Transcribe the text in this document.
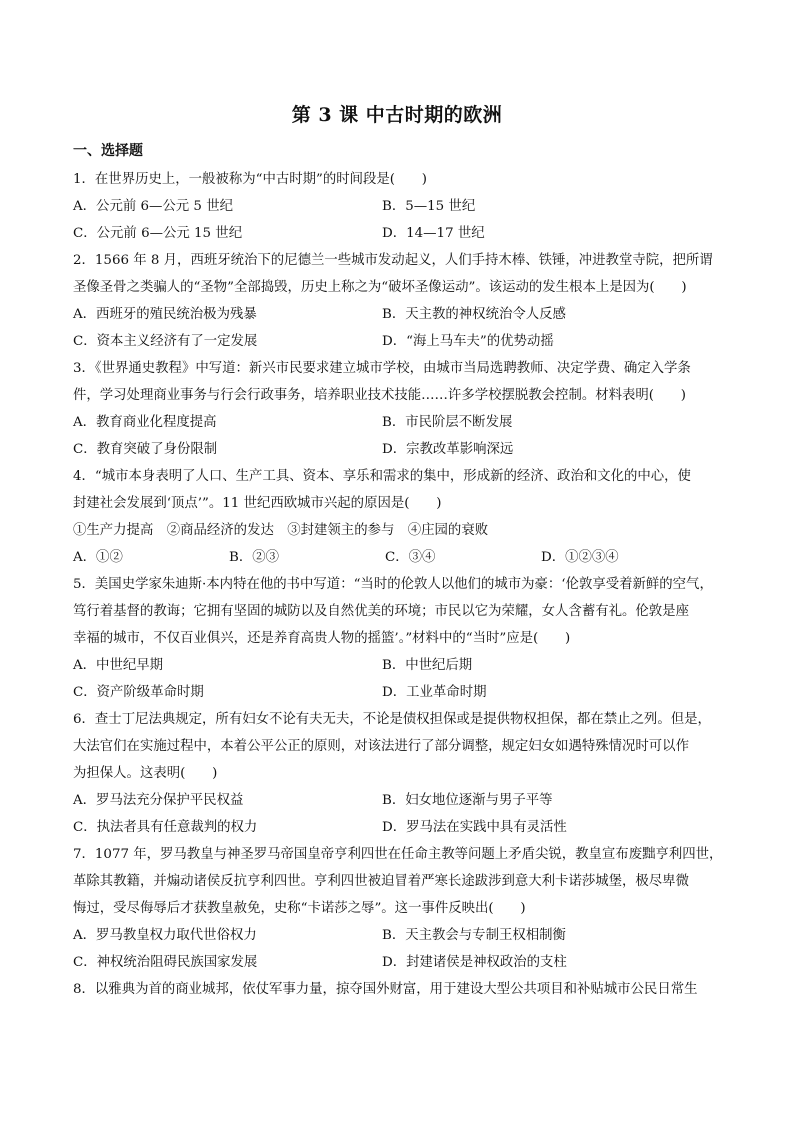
第 3 课 中古时期的欧洲
一、选择题
1．在世界历史上，一般被称为“中古时期”的时间段是(　　)
A．公元前 6—公元 5 世纪	B．5—15 世纪
C．公元前 6—公元 15 世纪	D．14—17 世纪
2．1566 年 8 月，西班牙统治下的尼德兰一些城市发动起义，人们手持木棒、铁锤，冲进教堂寺院，把所谓
圣像圣骨之类骗人的“圣物”全部捣毁，历史上称之为“破坏圣像运动”。该运动的发生根本上是因为(　　)
A．西班牙的殖民统治极为残暴	B．天主教的神权统治令人反感
C．资本主义经济有了一定发展	D．“海上马车夫”的优势动摇
3．《世界通史教程》中写道：新兴市民要求建立城市学校，由城市当局选聘教师、决定学费、确定入学条
件，学习处理商业事务与行会行政事务，培养职业技术技能……许多学校摆脱教会控制。材料表明(　　)
A．教育商业化程度提高	B．市民阶层不断发展
C．教育突破了身份限制	D．宗教改革影响深远
4．“城市本身表明了人口、生产工具、资本、享乐和需求的集中，形成新的经济、政治和文化的中心，使
封建社会发展到‘顶点’”。11 世纪西欧城市兴起的原因是(　　)
①生产力提高　②商品经济的发达　③封建领主的参与　④庄园的衰败
A．①②	B．②③	C．③④	D．①②③④
5．美国史学家朱迪斯·本内特在他的书中写道：“当时的伦敦人以他们的城市为豪：‘伦敦享受着新鲜的空气，
笃行着基督的教诲；它拥有坚固的城防以及自然优美的环境；市民以它为荣耀，女人含蓄有礼。伦敦是座
幸福的城市，不仅百业俱兴，还是养育高贵人物的摇篮’。”材料中的“当时”应是(　　)
A．中世纪早期	B．中世纪后期
C．资产阶级革命时期	D．工业革命时期
6．查士丁尼法典规定，所有妇女不论有夫无夫，不论是债权担保或是提供物权担保，都在禁止之列。但是，
大法官们在实施过程中，本着公平公正的原则，对该法进行了部分调整，规定妇女如遇特殊情况时可以作
为担保人。这表明(　　)
A．罗马法充分保护平民权益	B．妇女地位逐渐与男子平等
C．执法者具有任意裁判的权力	D．罗马法在实践中具有灵活性
7．1077 年，罗马教皇与神圣罗马帝国皇帝亨利四世在任命主教等问题上矛盾尖锐，教皇宣布废黜亨利四世，
革除其教籍，并煽动诸侯反抗亨利四世。亨利四世被迫冒着严寒长途跋涉到意大利卡诺莎城堡，极尽卑微
悔过，受尽侮辱后才获教皇赦免，史称“卡诺莎之辱”。这一事件反映出(　　)
A．罗马教皇权力取代世俗权力	B．天主教会与专制王权相制衡
C．神权统治阻碍民族国家发展	D．封建诸侯是神权政治的支柱
8．以雅典为首的商业城邦，依仗军事力量，掠夺国外财富，用于建设大型公共项目和补贴城市公民日常生
